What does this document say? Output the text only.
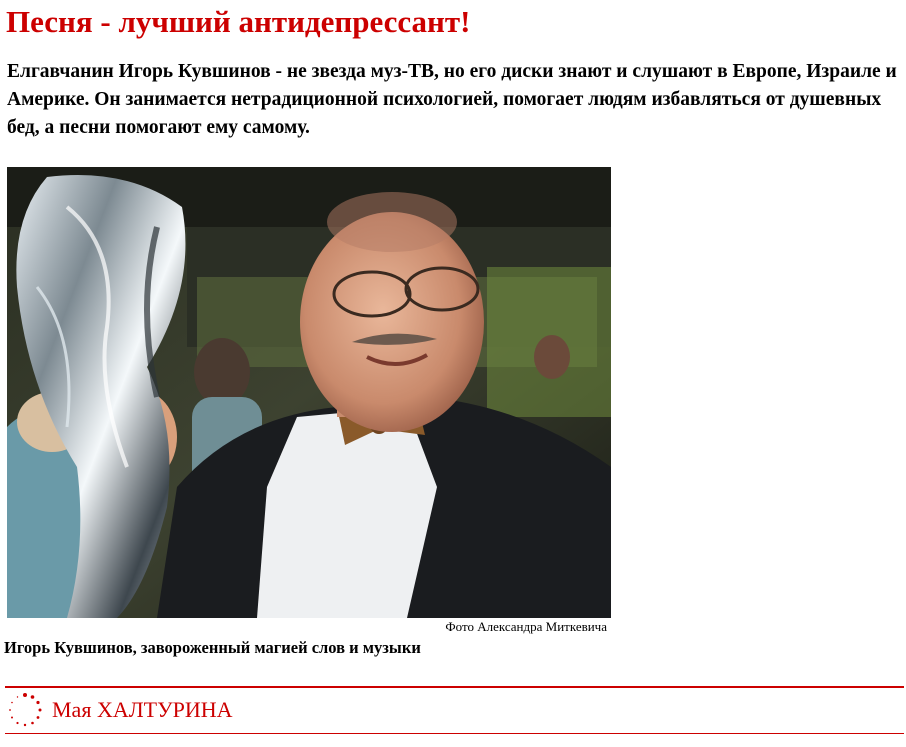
Песня - лучший антидепрессант!

Елгавчанин Игорь Кувшинов - не звезда муз-ТВ, но его диски знают и слушают в Европе, Израиле и Америке. Он занимается нетрадиционной психологией, помогает людям избавляться от душевных бед, а песни помогают ему самому.

Фото Александра Миткевича
Игорь Кувшинов, завороженный магией слов и музыки
Мая ХАЛТУРИНА
